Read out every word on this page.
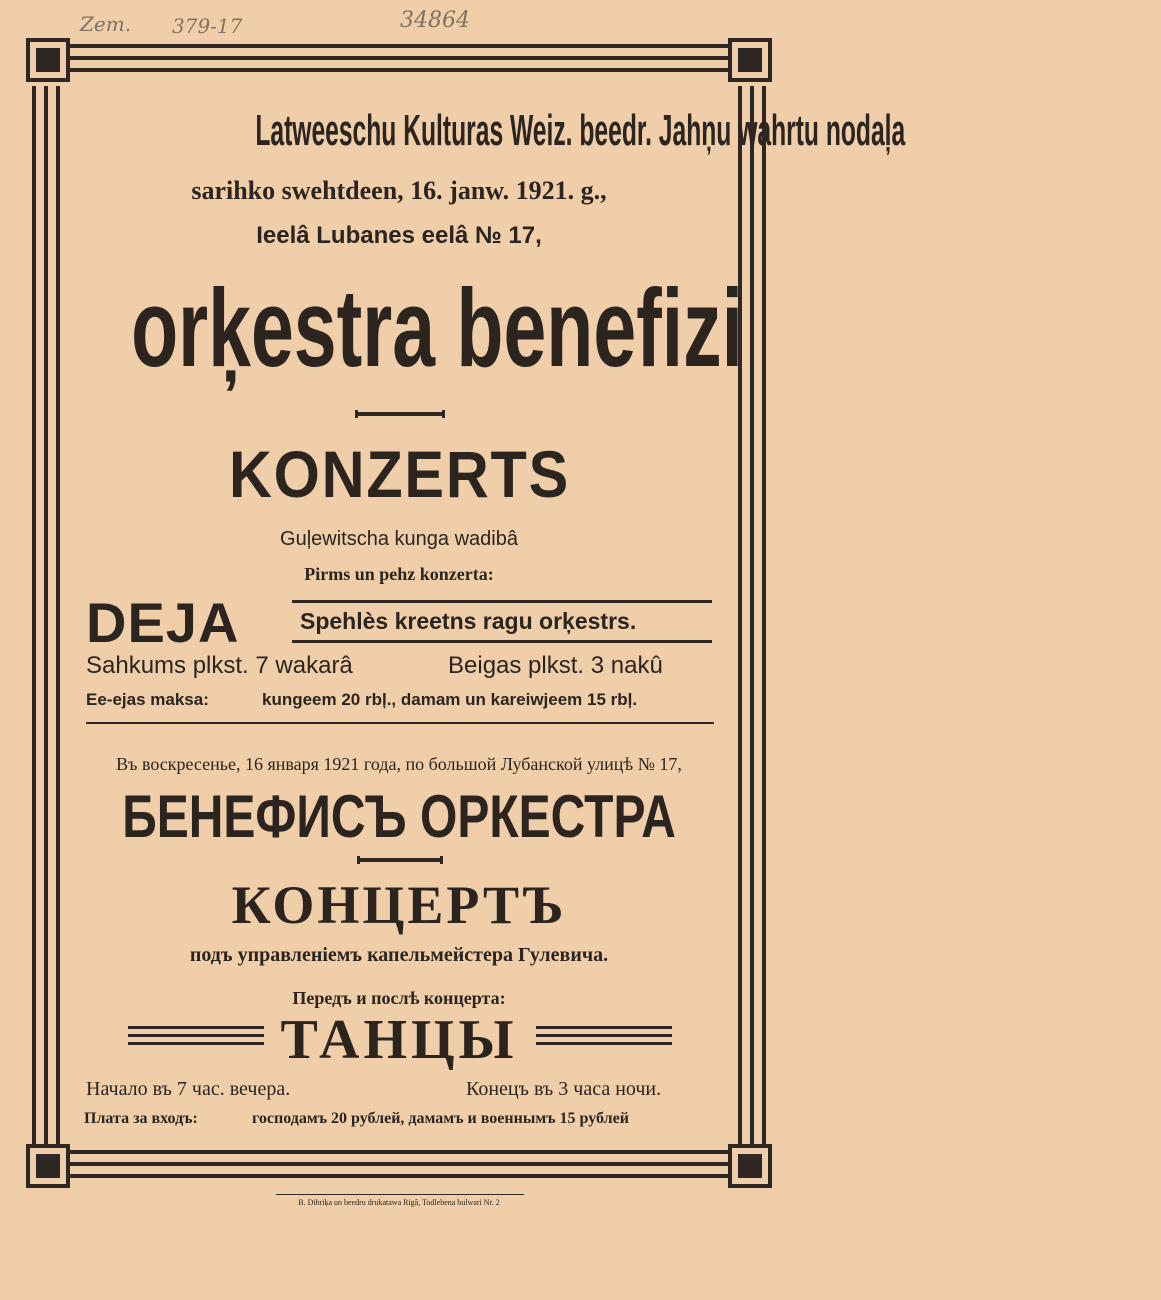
Zem. 379-17	34864
Latweeschu Kulturas Weiz. beedr. Jahņu wahrtu nodaļa
sarihko swehtdeen, 16. janw. 1921. g.,
Ieelâ Lubanes eelâ № 17,
orķestra benefizi
KONZERTS
Guļewitscha kunga wadibâ
Pirms un pehz konzerta:
DEJA	Spehlès kreetns ragu orķestrs.
Sahkums plkst. 7 wakarâ	Beigas plkst. 3 nakû
Ee-ejas maksa:	kungeem 20 rbļ., damam un kareiwjeem 15 rbļ.
Въ воскресенье, 16 января 1921 года, по большой Лубанской улицѣ № 17,
БЕНЕФИСЪ ОРКЕСТРА
КОНЦЕРТЪ
подъ управленіемъ капельмейстера Гулевича.
Передъ и послѣ концерта:
ТАНЦЫ
Начало въ 7 час. вечера.	Конецъ въ 3 часа ночи.
Плата за входъ:	господамъ 20 рублей, дамамъ и военнымъ 15 рублей
B. Dihriķa un beedru drukatawa Rigâ, Todlebena bulwari Nr. 2
